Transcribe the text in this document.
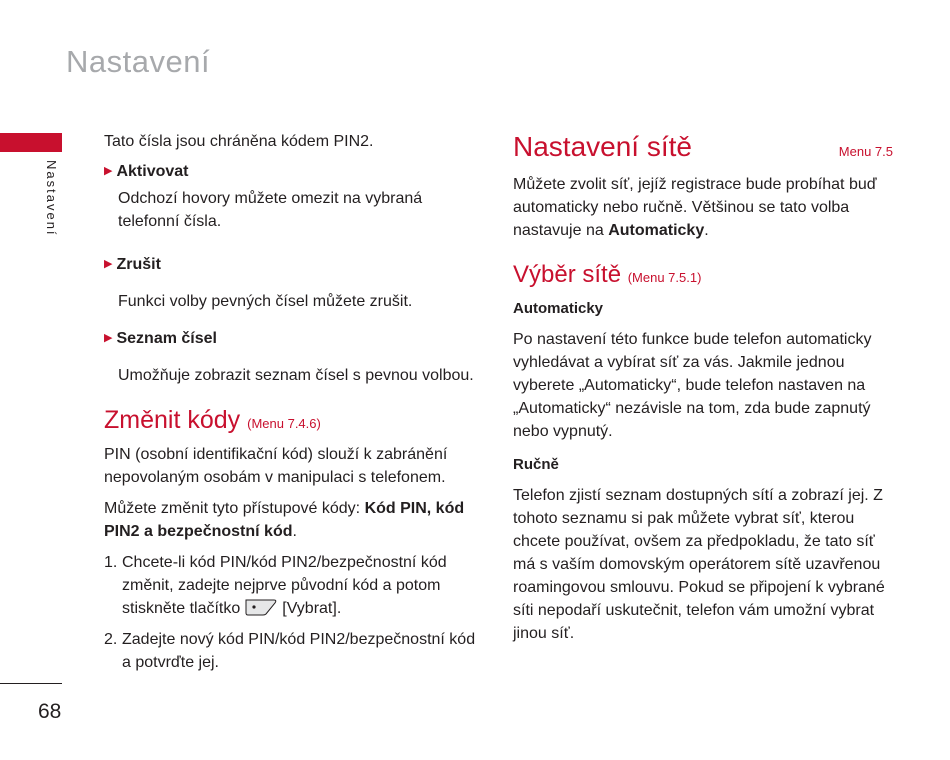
Nastavení
Nastavení
68

Tato čísla jsou chráněna kódem PIN2.

▶ Aktivovat

Odchozí hovory můžete omezit na vybraná telefonní čísla.

▶ Zrušit

Funkci volby pevných čísel můžete zrušit.

▶ Seznam čísel

Umožňuje zobrazit seznam čísel s pevnou volbou.

Změnit kódy (Menu 7.4.6)

PIN (osobní identifikační kód) slouží k zabránění nepovolaným osobám v manipulaci s telefonem.

Můžete změnit tyto přístupové kódy: Kód PIN, kód PIN2 a bezpečnostní kód.

1. Chcete-li kód PIN/kód PIN2/bezpečnostní kód změnit, zadejte nejprve původní kód a potom stiskněte tlačítko	[Vybrat].
2. Zadejte nový kód PIN/kód PIN2/bezpečnostní kód a potvrďte jej.
Nastavení sítě	Menu 7.5

Můžete zvolit síť, jejíž registrace bude probíhat buď automaticky nebo ručně. Většinou se tato volba nastavuje na Automaticky.

Výběr sítě (Menu 7.5.1)
Automaticky

Po nastavení této funkce bude telefon automaticky vyhledávat a vybírat síť za vás. Jakmile jednou vyberete „Automaticky“, bude telefon nastaven na „Automaticky“ nezávisle na tom, zda bude zapnutý nebo vypnutý.

Ručně

Telefon zjistí seznam dostupných sítí a zobrazí jej. Z tohoto seznamu si pak můžete vybrat síť, kterou chcete používat, ovšem za předpokladu, že tato síť má s vaším domovským operátorem sítě uzavřenou roamingovou smlouvu. Pokud se připojení k vybrané síti nepodaří uskutečnit, telefon vám umožní vybrat jinou síť.
